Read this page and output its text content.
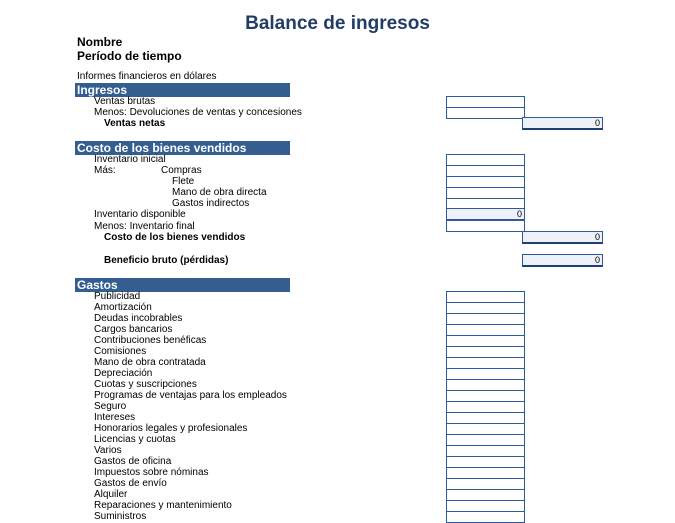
Balance de ingresos
Nombre
Período de tiempo
Informes financieros en dólares
Ingresos
Ventas brutas
Menos: Devoluciones de ventas y concesiones
Ventas netas	0
Costo de los bienes vendidos
Inventario inicial
Más:	Compras
Flete
Mano de obra directa
Gastos indirectos
Inventario disponible	0
Menos: Inventario final
Costo de los bienes vendidos	0
Beneficio bruto (pérdidas)	0
Gastos
Publicidad
Amortización
Deudas incobrables
Cargos bancarios
Contribuciones benéficas
Comisiones
Mano de obra contratada
Depreciación
Cuotas y suscripciones
Programas de ventajas para los empleados
Seguro
Intereses
Honorarios legales y profesionales
Licencias y cuotas
Varios
Gastos de oficina
Impuestos sobre nóminas
Gastos de envío
Alquiler
Reparaciones y mantenimiento
Suministros
